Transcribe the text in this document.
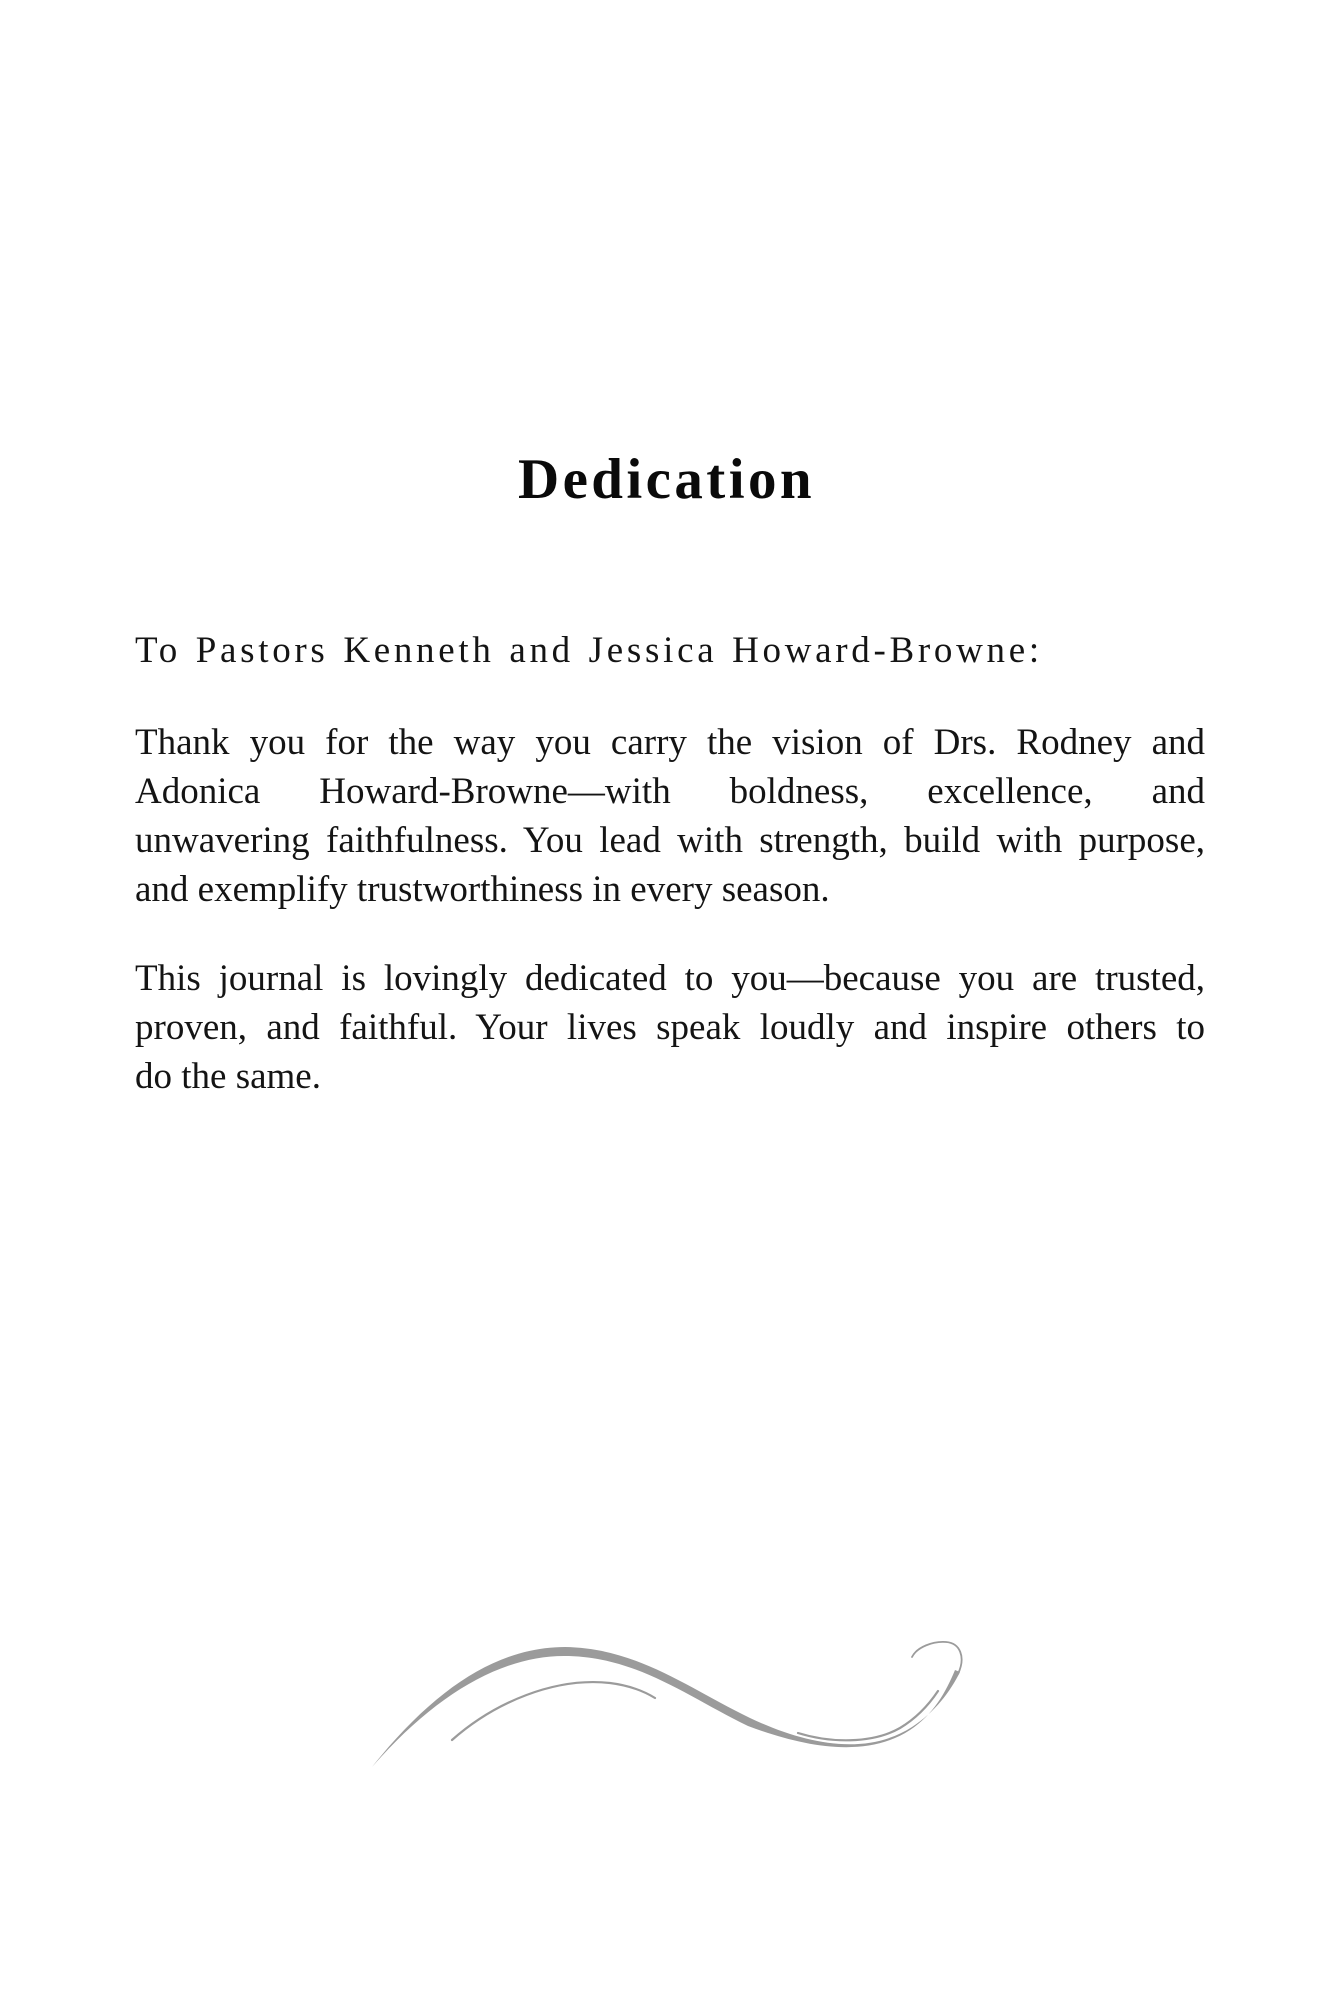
Dedication
To Pastors Kenneth and Jessica Howard-Browne:
Thank you for the way you carry the vision of Drs. Rodney and
Adonica Howard-Browne—with boldness, excellence, and
unwavering faithfulness. You lead with strength, build with purpose,
and exemplify trustworthiness in every season.
This journal is lovingly dedicated to you—because you are trusted,
proven, and faithful. Your lives speak loudly and inspire others to
do the same.
